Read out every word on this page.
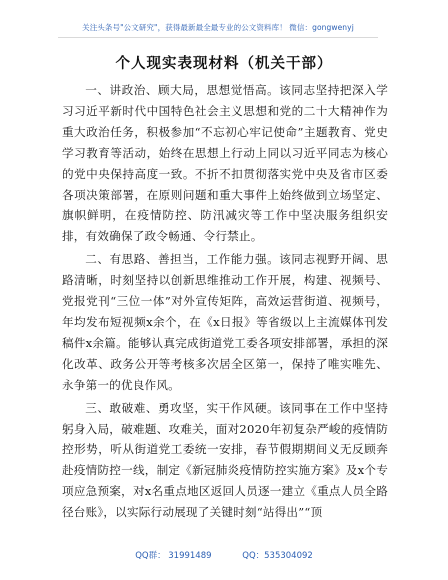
关注头条号"公文研究"，获得最新最全最专业的公文资料库！ 微信：gongwenyj
个人现实表现材料（机关干部）

一、讲政治、顾大局，思想觉悟高。该同志坚持把深入学习习近平新时代中国特色社会主义思想和党的二十大精神作为重大政治任务，积极参加“不忘初心牢记使命”主题教育、党史学习教育等活动，始终在思想上行动上同以习近平同志为核心的党中央保持高度一致。不折不扣贯彻落实党中央及省市区委各项决策部署，在原则问题和重大事件上始终做到立场坚定、旗帜鲜明，在疫情防控、防汛减灾等工作中坚决服务组织安排，有效确保了政令畅通、令行禁止。

二、有思路、善担当，工作能力强。该同志视野开阔、思路清晰，时刻坚持以创新思维推动工作开展，构建、视频号、党报党刊“三位一体”对外宣传矩阵，高效运营街道、视频号，年均发布短视频x余个，在《x日报》等省级以上主流媒体刊发稿件x余篇。能够认真完成街道党工委各项安排部署，承担的深化改革、政务公开等考核多次居全区第一，保持了唯实唯先、永争第一的优良作风。

三、敢破难、勇攻坚，实干作风硬。该同事在工作中坚持躬身入局，破难题、攻难关，面对2020年初复杂严峻的疫情防控形势，听从街道党工委统一安排，春节假期期间义无反顾奔赴疫情防控一线，制定《新冠肺炎疫情防控实施方案》及x个专项应急预案，对x名重点地区返回人员逐一建立《重点人员全路径台账》，以实际行动展现了关键时刻“站得出”“顶

QQ群： 31991489	QQ：535304092
